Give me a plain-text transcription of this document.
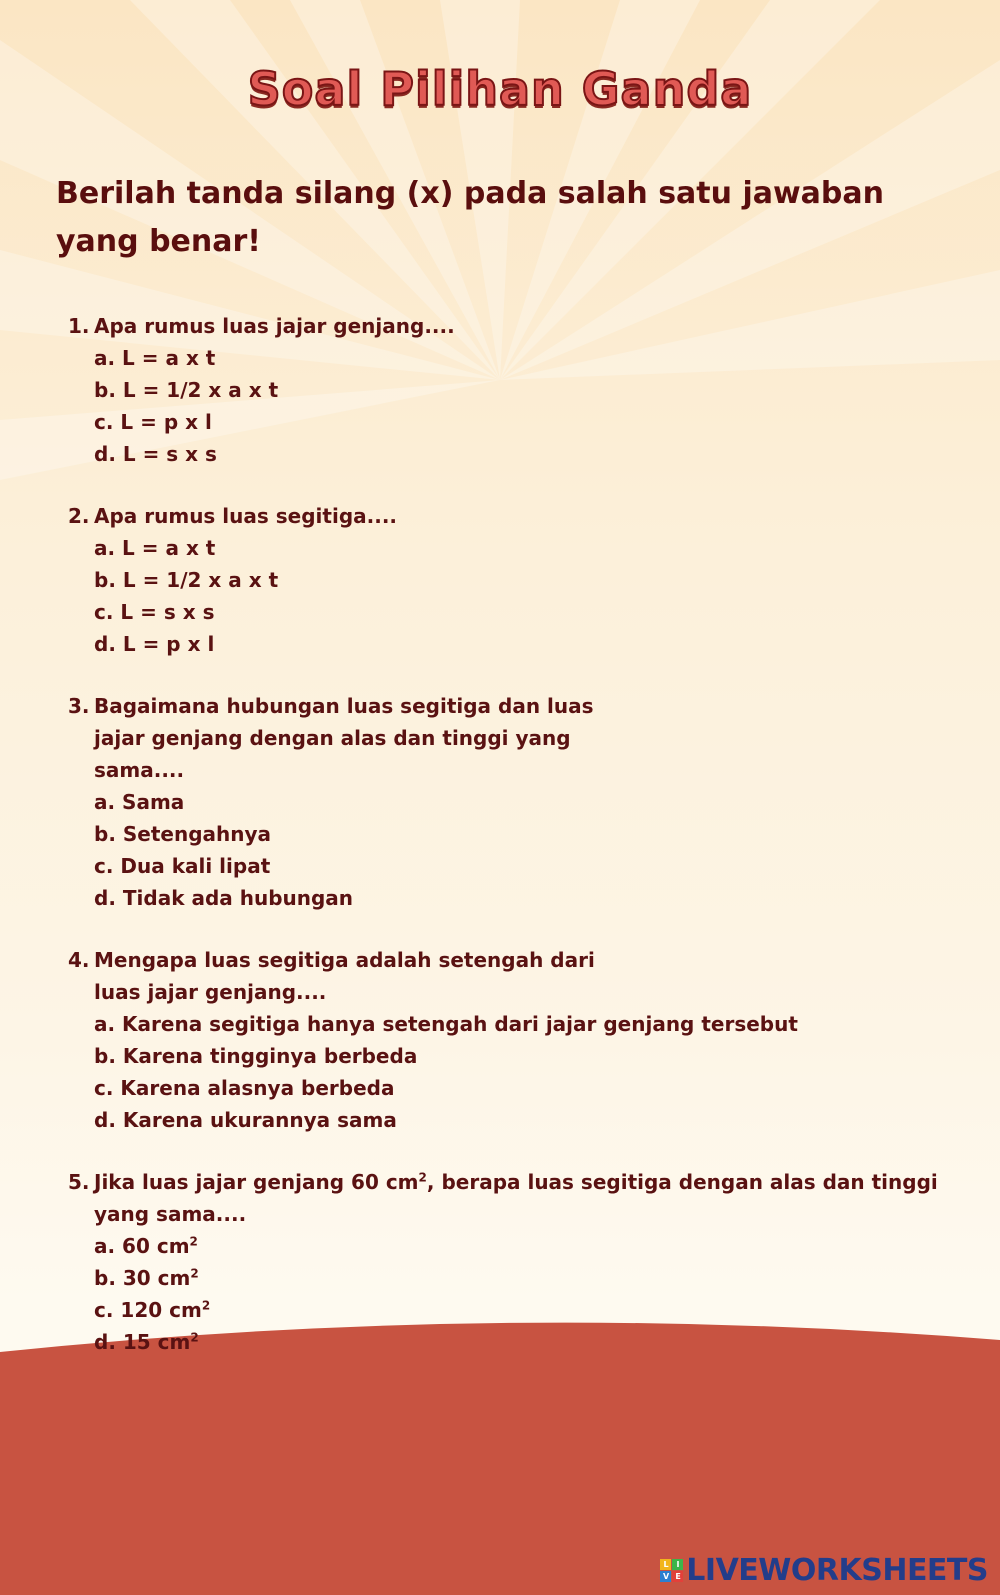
Soal Pilihan Ganda
Berilah tanda silang (x) pada salah satu jawaban
yang benar!
1. Apa rumus luas jajar genjang....
a. L = a x t
b. L = 1/2 x a x t
c. L = p x l
d. L = s x s
2. Apa rumus luas segitiga....
a. L = a x t
b. L = 1/2 x a x t
c. L = s x s
d. L = p x l
3. Bagaimana hubungan luas segitiga dan luas
jajar genjang dengan alas dan tinggi yang
sama....
a. Sama
b. Setengahnya
c. Dua kali lipat
d. Tidak ada hubungan
4. Mengapa luas segitiga adalah setengah dari
luas jajar genjang....
a. Karena segitiga hanya setengah dari jajar genjang tersebut
b. Karena tingginya berbeda
c. Karena alasnya berbeda
d. Karena ukurannya sama
5. Jika luas jajar genjang 60 $cm^2$, berapa luas segitiga dengan alas dan tinggi
yang sama....
a. 60 $cm^2$
b. 30 $cm^2$
c. 120 $cm^2$
d. 15 $cm^2$
L	I
V E LIVEWORKSHEETS
